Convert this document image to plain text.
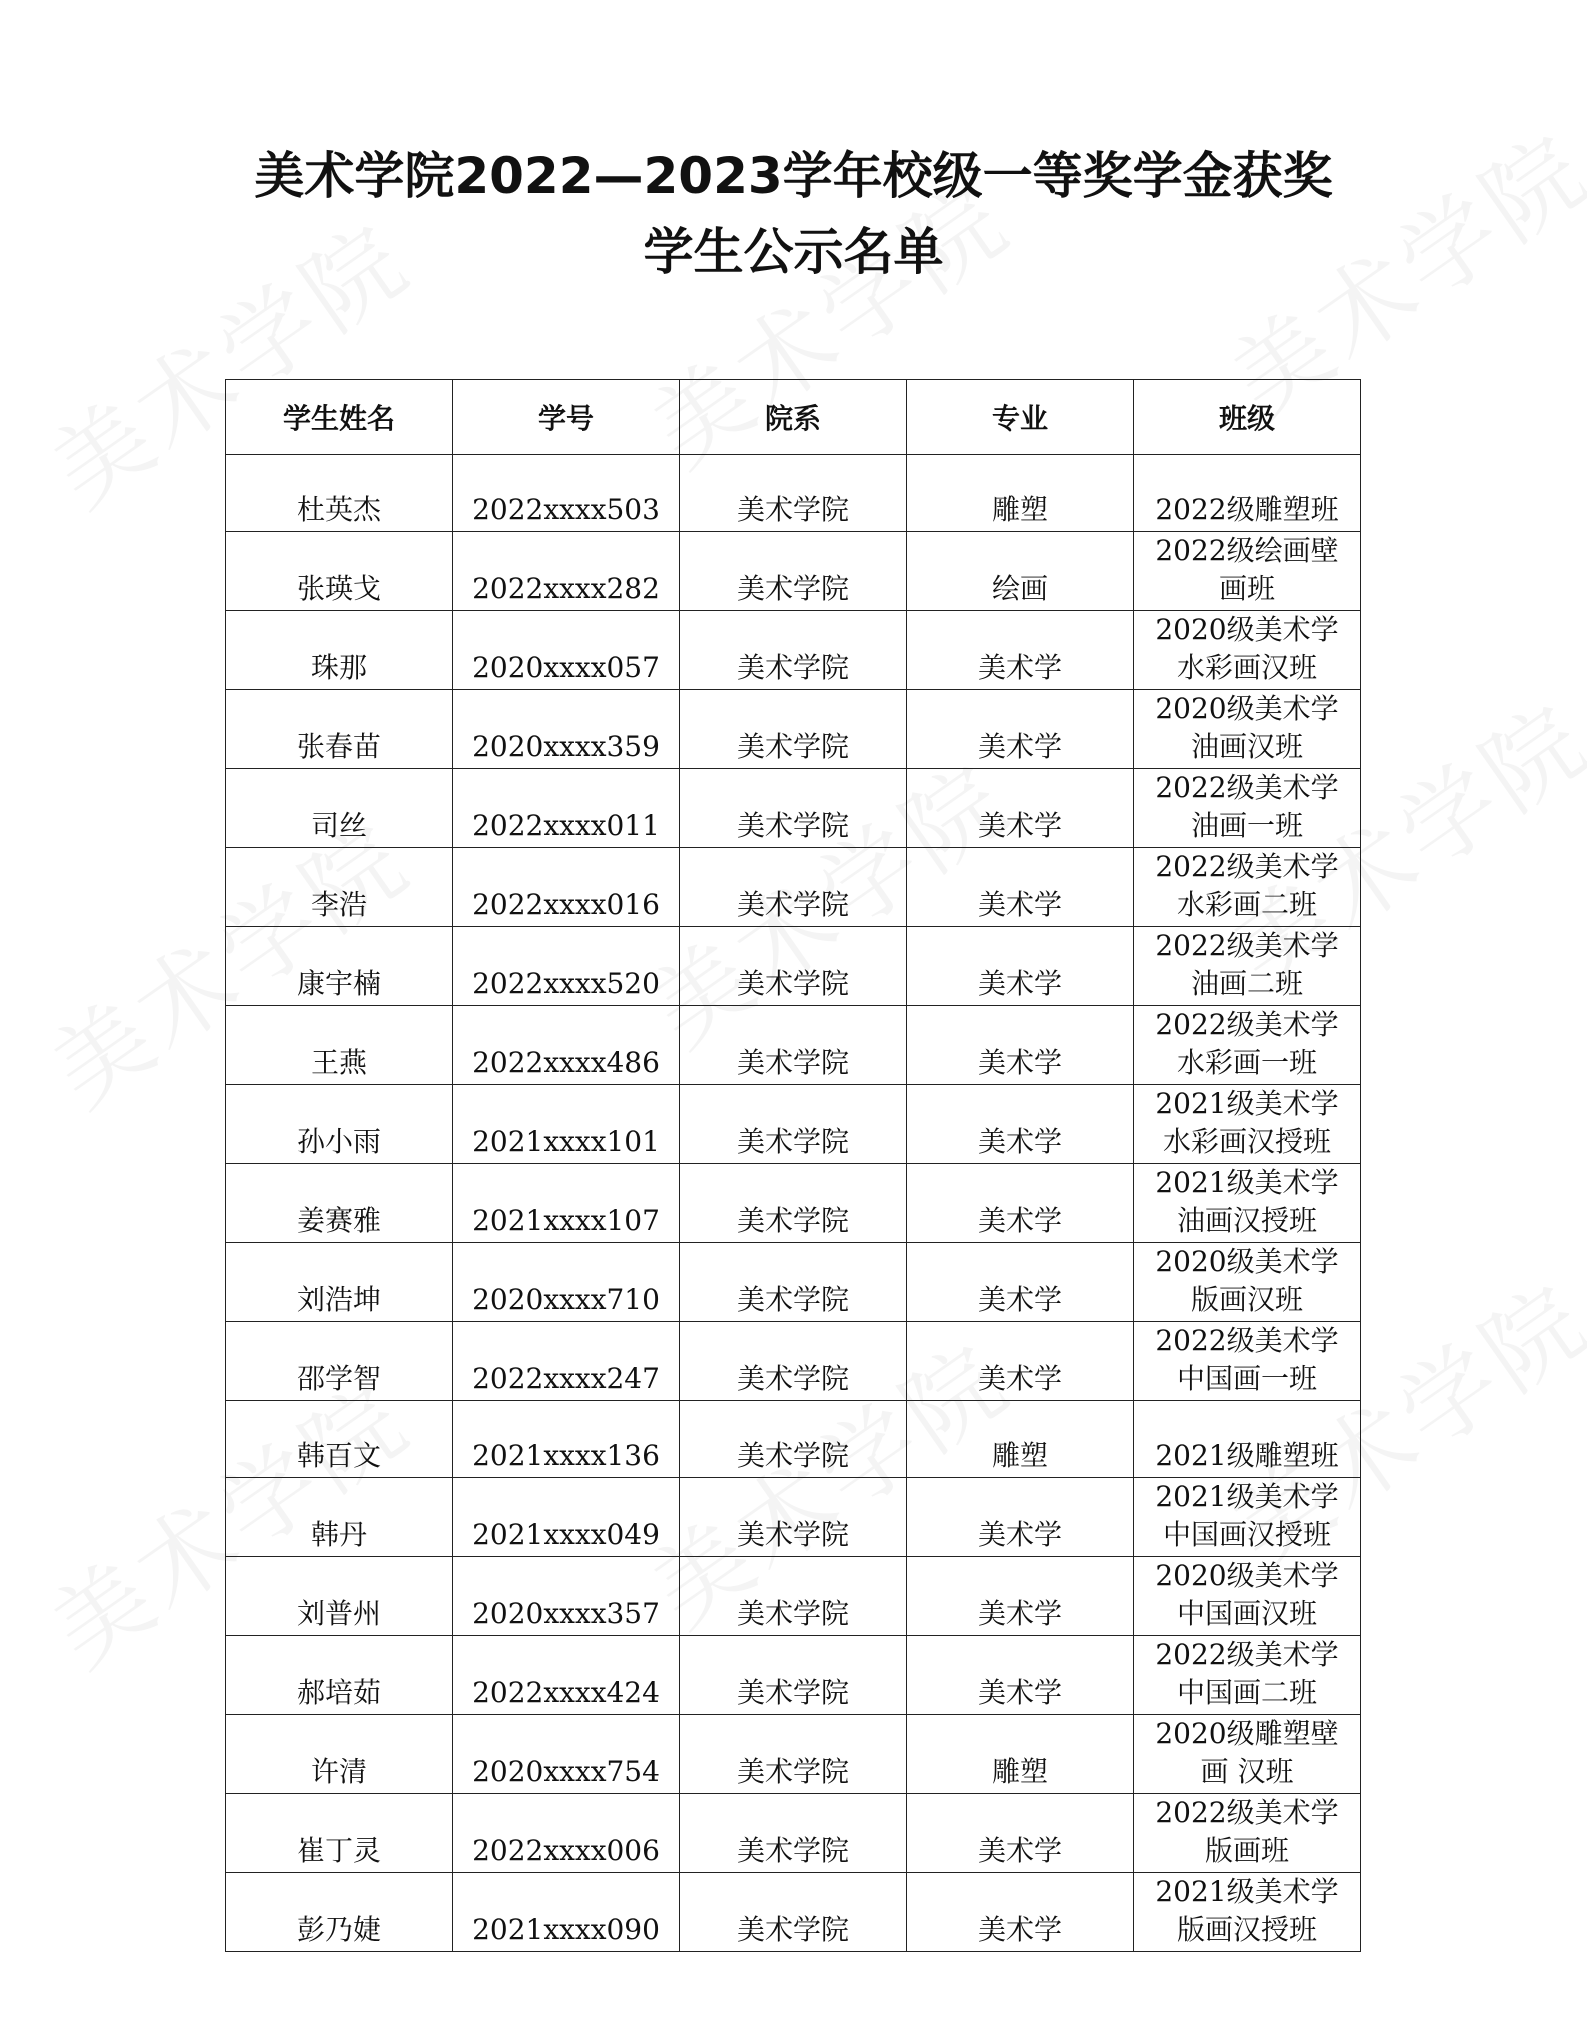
美术学院2022—2023学年校级一等奖学金获奖
学生公示名单
学生姓名	学号	院系	专业	班级
杜英杰	2022xxxx503	美术学院	雕塑	2022级雕塑班

张瑛戈	2022xxxx282	美术学院	绘画	2022级绘画壁画班

珠那	2020xxxx057	美术学院	美术学	2020级美术学水彩画汉班

张春苗	2020xxxx359	美术学院	美术学	2020级美术学油画汉班

司丝	2022xxxx011	美术学院	美术学	2022级美术学油画一班

李浩	2022xxxx016	美术学院	美术学	2022级美术学水彩画二班

康宇楠	2022xxxx520	美术学院	美术学	2022级美术学油画二班

王燕	2022xxxx486	美术学院	美术学	2022级美术学水彩画一班

孙小雨	2021xxxx101	美术学院	美术学	2021级美术学水彩画汉授班

姜赛雅	2021xxxx107	美术学院	美术学	2021级美术学油画汉授班

刘浩坤	2020xxxx710	美术学院	美术学	2020级美术学版画汉班

邵学智	2022xxxx247	美术学院	美术学	2022级美术学中国画一班

韩百文	2021xxxx136	美术学院	雕塑	2021级雕塑班

韩丹	2021xxxx049	美术学院	美术学	2021级美术学中国画汉授班

刘普州	2020xxxx357	美术学院	美术学	2020级美术学中国画汉班

郝培茹	2022xxxx424	美术学院	美术学	2022级美术学中国画二班

许清	2020xxxx754	美术学院	雕塑	2020级雕塑壁画 汉班

崔丁灵	2022xxxx006	美术学院	美术学	2022级美术学版画班

彭乃婕	2021xxxx090	美术学院	美术学	2021级美术学版画汉授班
